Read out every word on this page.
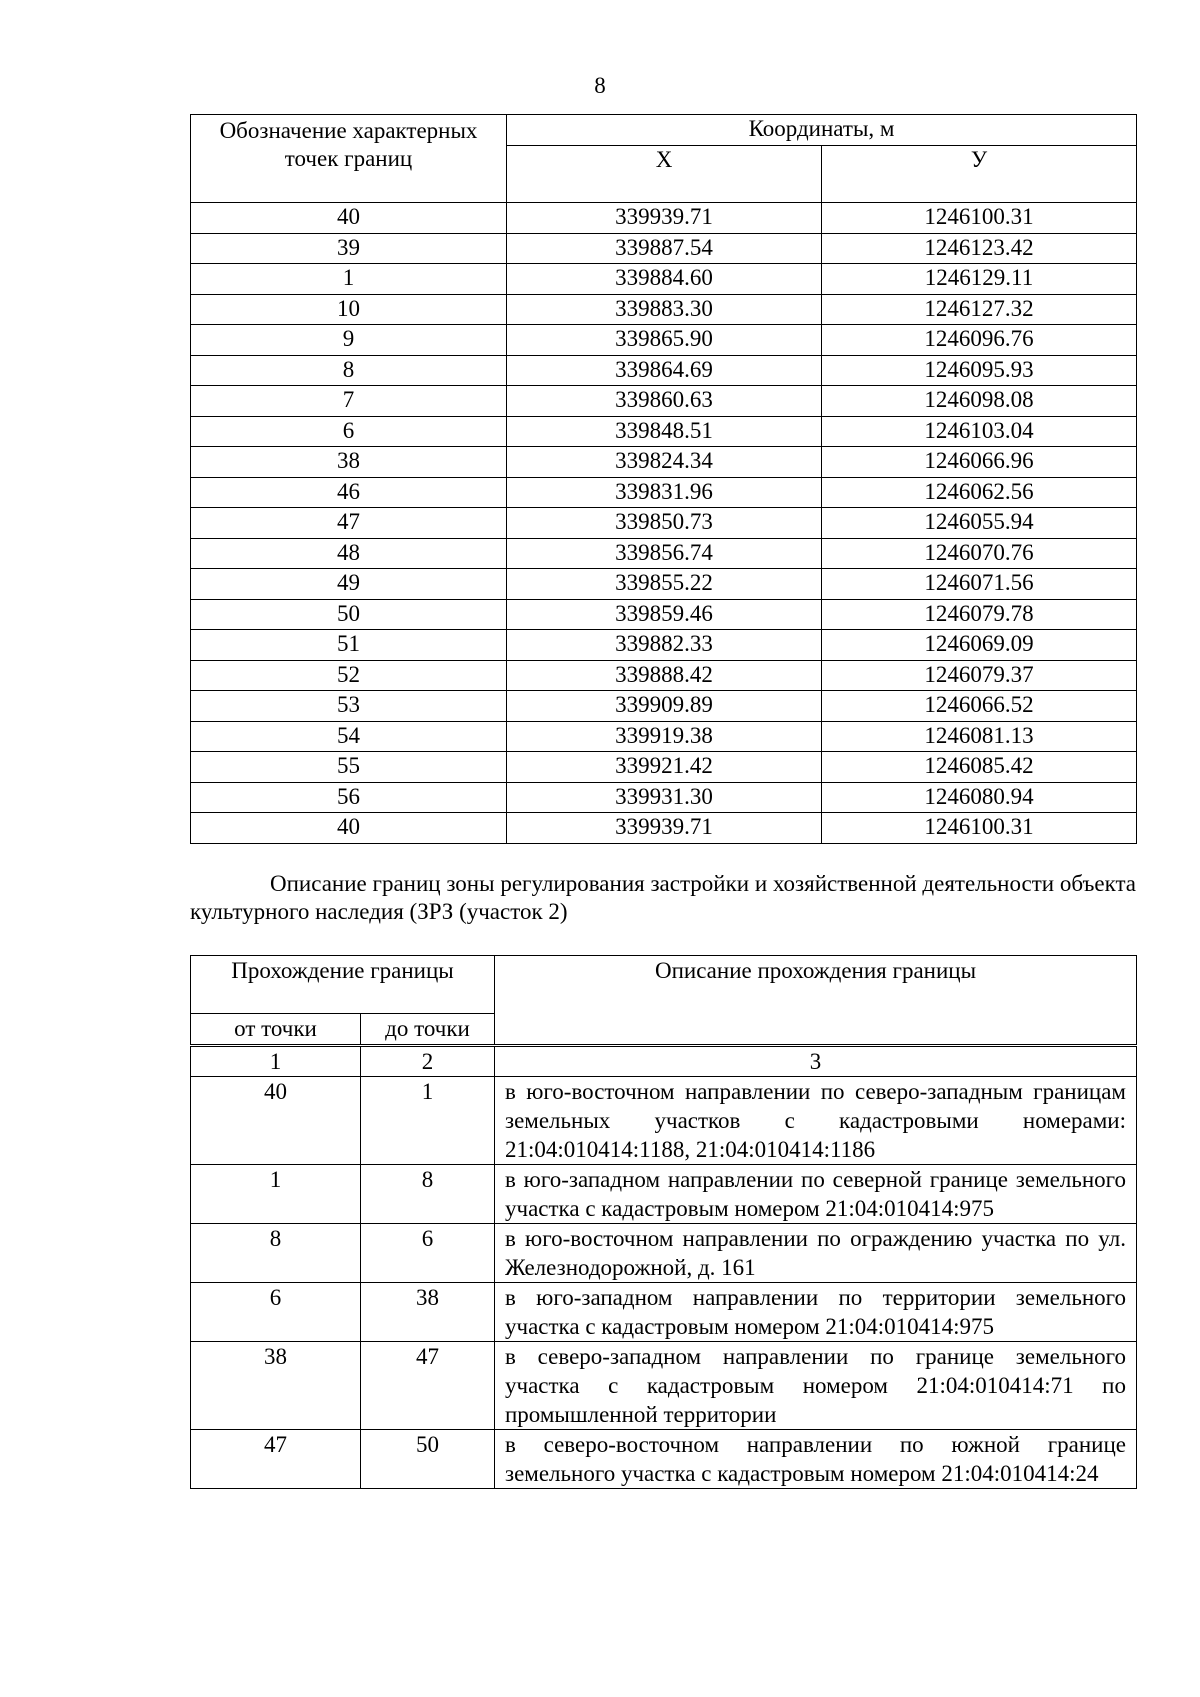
8
Обозначение характерных точек границ	Координаты, м	
	Х	У
40	339939.71	1246100.31
39	339887.54	1246123.42
1	339884.60	1246129.11
10	339883.30	1246127.32
9	339865.90	1246096.76
8	339864.69	1246095.93
7	339860.63	1246098.08
6	339848.51	1246103.04
38	339824.34	1246066.96
46	339831.96	1246062.56
47	339850.73	1246055.94
48	339856.74	1246070.76
49	339855.22	1246071.56
50	339859.46	1246079.78
51	339882.33	1246069.09
52	339888.42	1246079.37
53	339909.89	1246066.52
54	339919.38	1246081.13
55	339921.42	1246085.42
56	339931.30	1246080.94
40	339939.71	1246100.31
Описание границ зоны регулирования застройки и хозяйственной деятельности объекта культурного наследия (ЗРЗ (участок 2)
Прохождение границы		Описание прохождения границы
от точки	до точки	
1	2	3
40	1	в юго-восточном направлении по северо-западным границам земельных участков с кадастровыми номерами: 21:04:010414:1188, 21:04:010414:1186
1	8	в юго-западном направлении по северной границе земельного участка с кадастровым номером 21:04:010414:975
8	6	в юго-восточном направлении по ограждению участка по ул. Железнодорожной, д. 161
6	38	в юго-западном направлении по территории земельного участка с кадастровым номером 21:04:010414:975
38	47	в северо-западном направлении по границе земельного участка с кадастровым номером 21:04:010414:71 по промышленной территории
47	50	в северо-восточном направлении по южной границе земельного участка с кадастровым номером 21:04:010414:24
